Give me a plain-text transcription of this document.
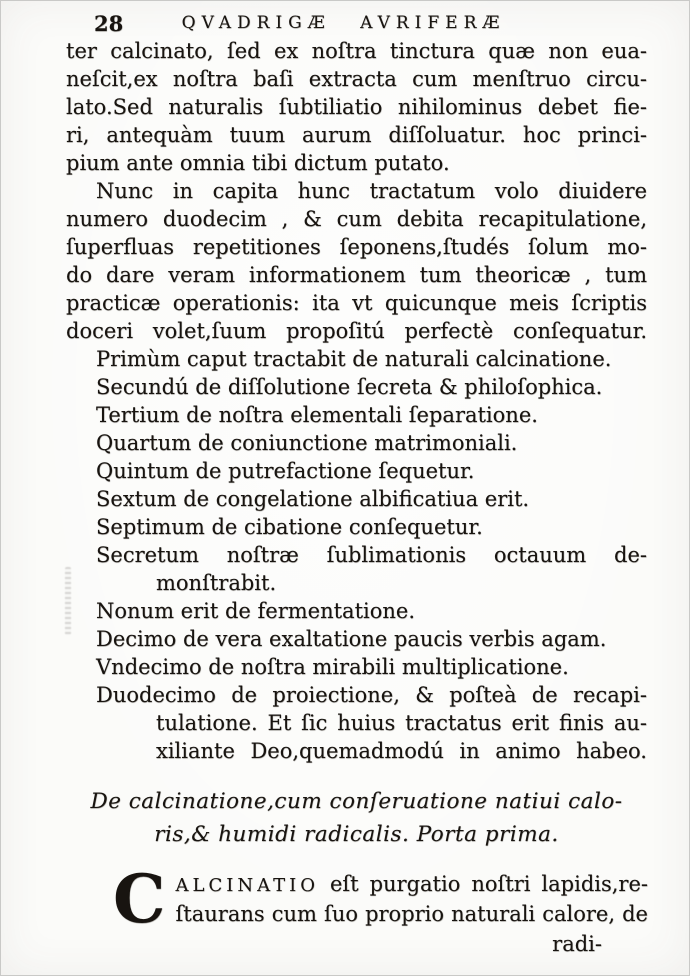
28	QVADRIGÆ AVRIFERÆ
ter calcinato, ſed ex noſtra tinctura quæ non eua-
neſcit,ex noſtra baſi extracta cum menſtruo circu-
lato.Sed naturalis ſubtiliatio nihilominus debet fie-
ri, antequàm tuum aurum diſſoluatur. hoc princi-
pium ante omnia tibi dictum putato.
Nunc in capita hunc tractatum volo diuidere
numero duodecim , & cum debita recapitulatione,
ſuperfluas repetitiones ſeponens,ſtudés ſolum mo-
do dare veram informationem tum theoricæ , tum
practicæ operationis: ita vt quicunque meis ſcriptis
doceri volet,ſuum propoſitú perfectè conſequatur.
Primùm caput tractabit de naturali calcinatione.
Secundú de diſſolutione ſecreta & philoſophica.
Tertium de noſtra elementali ſeparatione.
Quartum de coniunctione matrimoniali.
Quintum de putrefactione ſequetur.
Sextum de congelatione albificatiua erit.
Septimum de cibatione conſequetur.
Secretum noſtræ ſublimationis octauum de-
monſtrabit.
Nonum erit de fermentatione.
Decimo de vera exaltatione paucis verbis agam.
Vndecimo de noſtra mirabili multiplicatione.
Duodecimo de proiectione, & poſteà de recapi-
tulatione. Et ſic huius tractatus erit finis au-
xiliante Deo,quemadmodú in animo habeo.
De calcinatione,cum conſeruatione natiui calo-
ris,& humidi radicalis. Porta prima.
C ALCINATIO eſt purgatio noſtri lapidis,re-
ſtaurans cum ſuo proprio naturali calore, de
radi-
